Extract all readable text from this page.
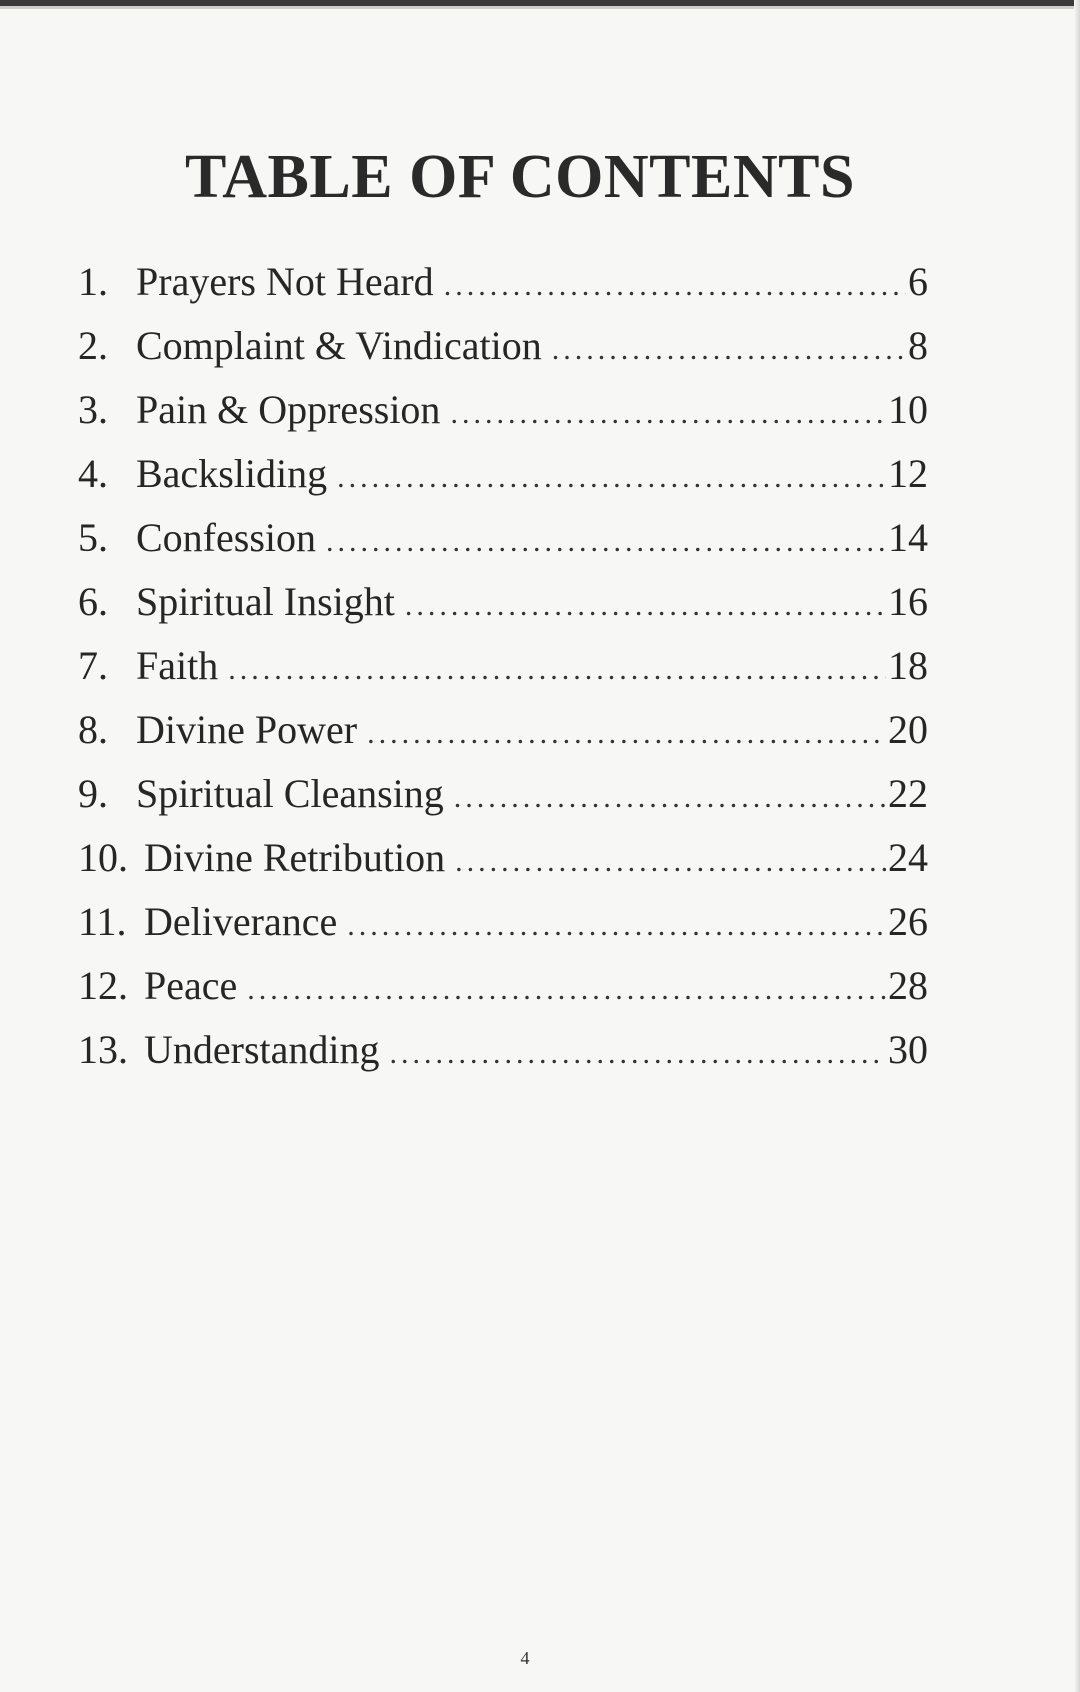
TABLE OF CONTENTS
1. Prayers Not Heard .....	6
2. Complaint & Vindication .....	8
3. Pain & Oppression .....	10
4. Backsliding .....	12
5. Confession .....	14
6. Spiritual Insight .....	16
7. Faith .....	18
8. Divine Power .....	20
9. Spiritual Cleansing .....	22
10. Divine Retribution .....	24
11. Deliverance .....	26
12. Peace .....	28
13. Understanding .....	30
4
